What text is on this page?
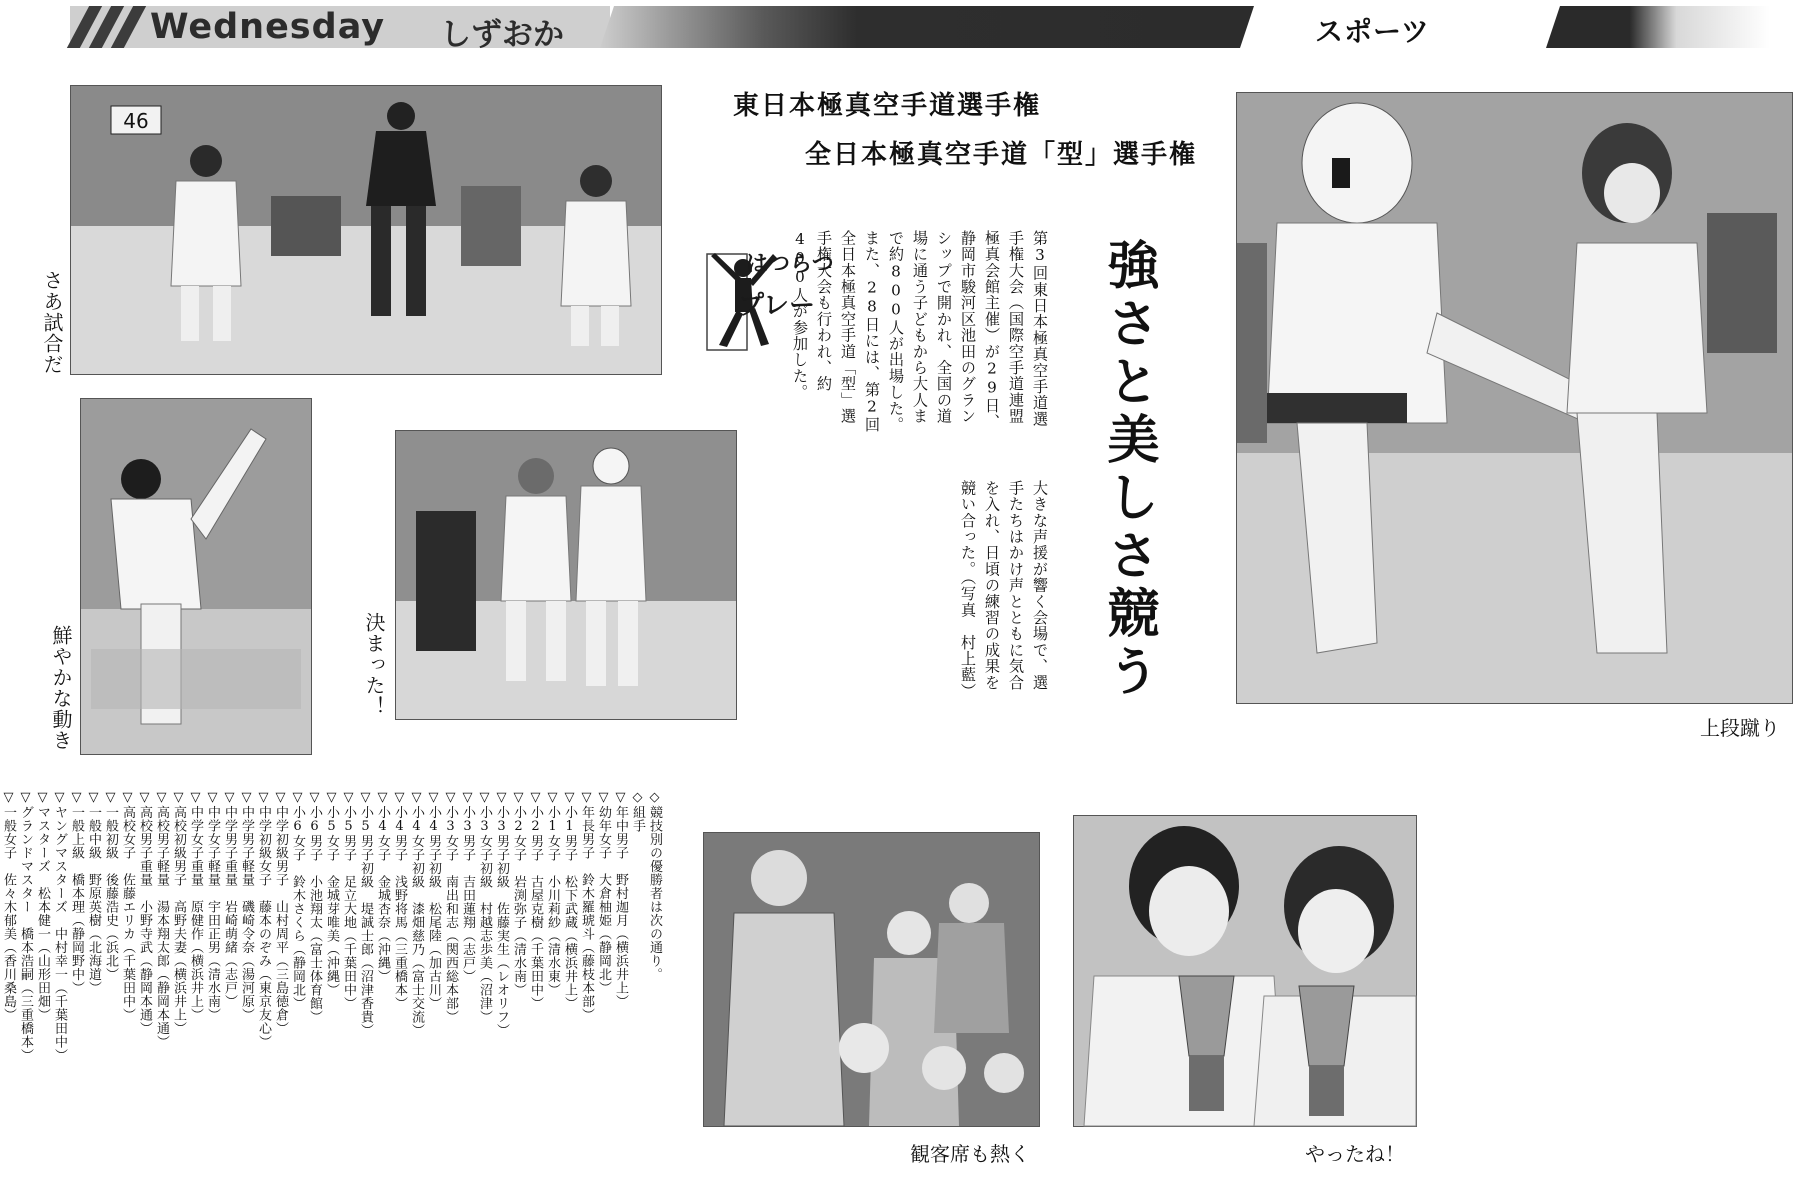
Wednesday しずおか	スポーツ
46
さあ試合だ
鮮やかな動き	決まった！
はつらつ
プレー
東日本極真空手道選手権
全日本極真空手道「型」選手権
強さと美しさ競う
第3回東日本極真空手道選手権大会（国際空手道連盟極真会館主催）が29日、静岡市駿河区池田のグランシップで開かれ、全国の道場に通う子どもから大人まで約800人が出場した。また、28日には、第2回全日本極真空手道「型」選手権大会も行われ、約400人が参加した。
大きな声援が響く会場で、選手たちはかけ声とともに気合を入れ、日頃の練習の成果を競い合った。（写真　村上藍）
上段蹴り
観客席も熱く	やったね！
◇競技別の優勝者は次の通り。
◇組手
▽年中男子　野村迦月（横浜井上）
▽幼年女子　大倉柚姫（静岡北）
▽年長男子　鈴木羅琥斗（藤枝本部）
▽小1男子　松下武蔵（横浜井上）
▽小1女子　小川莉紗（清水東）
▽小2男子　古屋克樹（千葉田中）
▽小2女子　岩渕弥子（清水南）
▽小3男子初級　佐藤実生（レオリフ）
▽小3女子初級　村越志歩美（沼津）
▽小3男子　吉田蓮翔（志戸）
▽小3女子　南出和志（関西総本部）
▽小4男子初級　松尾陸（加古川）
▽小4女子初級　漆畑慈乃（富士交流）
▽小4男子　浅野将馬（三重橋本）
▽小4女子　金城杏奈（沖縄）
▽小5男子初級　堤誠士郎（沼津香貴）
▽小5男子　足立大地（千葉田中）
▽小5女子　金城芽唯美（沖縄）
▽小6男子　小池翔太（富士体育館）
▽小6女子　鈴木さくら（静岡北）
▽中学初級男子　山村周平（三島徳倉）
▽中学初級女子　藤本のぞみ（東京友心）
▽中学男子軽量　磯崎令奈（湯河原）
▽中学男子重量　岩崎萌緒（志戸）
▽中学女子軽量　宇田正男（清水南）
▽中学女子重量　原健作（横浜井上）
▽高校初級男子　高野夫妻（横浜井上）
▽高校男子軽量　湯本翔太郎（静岡本通）
▽高校男子重量　小野寺武（静岡本通）
▽高校女子　佐藤エリカ（千葉田中）
▽一般初級　後藤浩史（浜北）
▽一般中級　野原英樹（北海道）
▽一般上級　橋本理（静岡野中）
▽ヤングマスターズ　中村幸一（千葉田中）
▽マスターズ　松本健一（山形田畑）
▽グランドマスター　橋本浩嗣（三重橋本）
▽一般女子　佐々木郁美（香川桑島）
